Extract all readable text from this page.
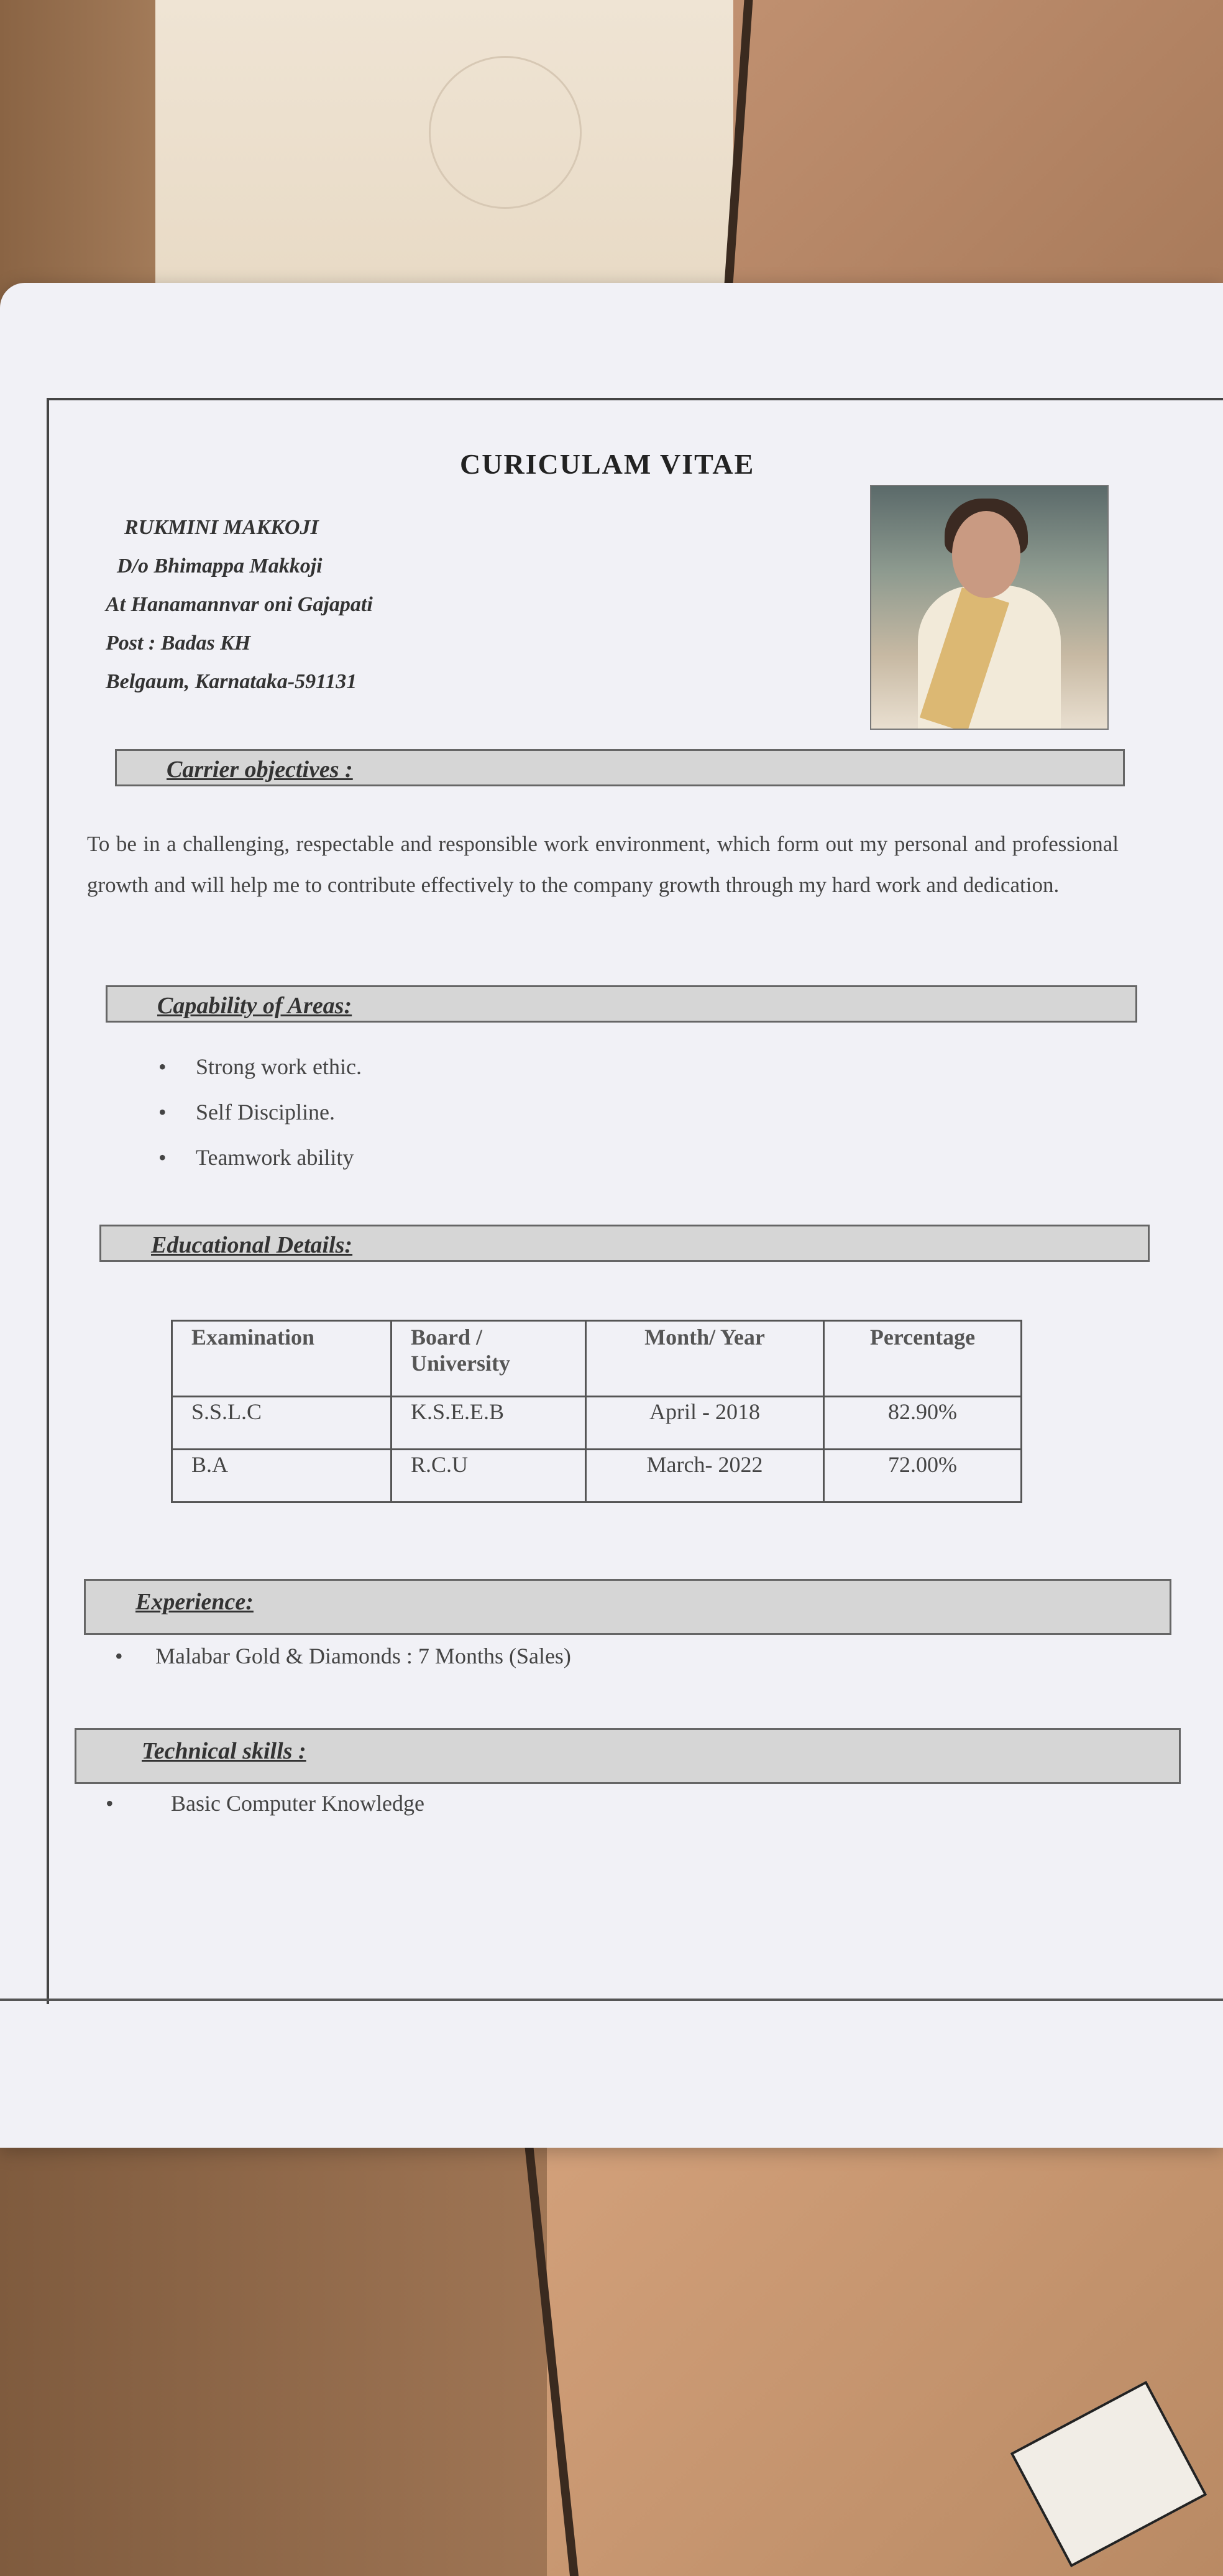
CURICULAM VITAE
RUKMINI MAKKOJI
D/o Bhimappa Makkoji
At Hanamannvar oni Gajapati
Post : Badas KH
Belgaum, Karnataka-591131
Carrier objectives :
To be in a challenging, respectable and responsible work environment, which form out my personal and professional growth and will help me to contribute effectively to the company growth through my hard work and dedication.
Capability of Areas:
• Strong work ethic.
• Self Discipline.
• Teamwork ability
Educational Details:
Experience:
• Malabar Gold & Diamonds : 7 Months (Sales)
Technical skills :
• Basic Computer Knowledge
Examination	Board / University	Month/ Year	Percentage
S.S.L.C	K.S.E.E.B	April - 2018	82.90%
B.A	R.C.U	March- 2022	72.00%
